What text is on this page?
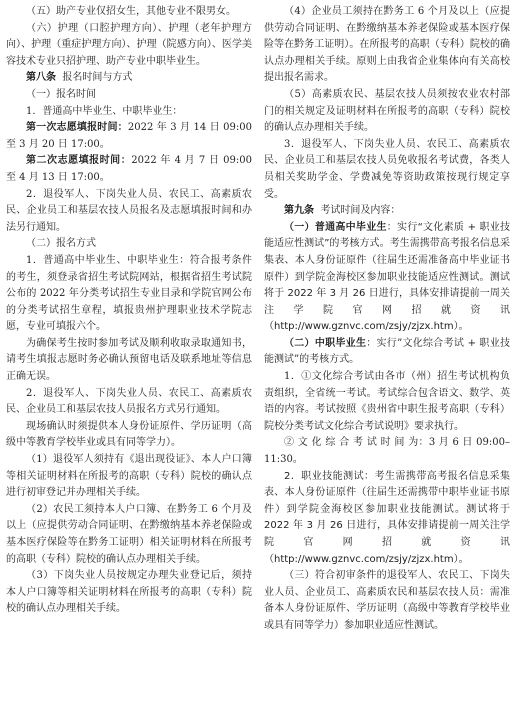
（五）助产专业仅招女生，其他专业不限男女。

（六）护理（口腔护理方向）、护理（老年护理方向）、护理（重症护理方向）、护理（院感方向）、医学美容技术专业只招护理、助产专业中职毕业生。

第八条 报名时间与方式

（一）报名时间

1．普通高中毕业生、中职毕业生：

第一次志愿填报时间：2022 年 3 月 14 日 09:00 至 3 月 20 日 17:00。

第二次志愿填报时间：2022 年 4 月 7 日 09:00 至 4 月 13 日 17:00。

2．退役军人、下岗失业人员、农民工、高素质农民、企业员工和基层农技人员报名及志愿填报时间和办法另行通知。

（二）报名方式

1．普通高中毕业生、中职毕业生：符合报考条件的考生，须登录省招生考试院网站，根据省招生考试院公布的 2022 年分类考试招生专业目录和学院官网公布的分类考试招生章程，填报贵州护理职业技术学院志愿，专业可填报六个。

为确保考生按时参加考试及顺利收取录取通知书，请考生填报志愿时务必确认预留电话及联系地址等信息正确无误。

2．退役军人、下岗失业人员、农民工、高素质农民、企业员工和基层农技人员报名方式另行通知。

现场确认时须提供本人身份证原件、学历证明（高级中等教育学校毕业或具有同等学力）。

（1）退役军人须持有《退出现役证》、本人户口簿等相关证明材料在所报考的高职（专科）院校的确认点进行初审登记并办理相关手续。

（2）农民工须持本人户口簿、在黔务工 6 个月及以上（应提供劳动合同证明、在黔缴纳基本养老保险或基本医疗保险等在黔务工证明）相关证明材料在所报考的高职（专科）院校的确认点办理相关手续。

（3）下岗失业人员按规定办理失业登记后，须持本人户口簿等相关证明材料在所报考的高职（专科）院校的确认点办理相关手续。

（4）企业员工须持在黔务工 6 个月及以上（应提供劳动合同证明、在黔缴纳基本养老保险或基本医疗保险等在黔务工证明）。在所报考的高职（专科）院校的确认点办理相关手续。原则上由我省企业集体向有关高校提出报名需求。

（5）高素质农民、基层农技人员须按农业农村部门的相关规定及证明材料在所报考的高职（专科）院校的确认点办理相关手续。

3．退役军人、下岗失业人员、农民工、高素质农民、企业员工和基层农技人员免收报名考试费，各类人员相关奖助学金、学费减免等资助政策按现行规定享受。

第九条 考试时间及内容：

（一）普通高中毕业生：实行“文化素质 + 职业技能适应性测试”的考核方式。考生需携带高考报名信息采集表、本人身份证原件（往届生还需准备高中毕业证书原件）到学院金海校区参加职业技能适应性测试。测试将于 2022 年 3 月 26 日进行，具体安排请提前一周关注学院官网招就资讯（http://www.gznvc.com/zsjy/zjzx.htm）。

（二）中职毕业生：实行”文化综合考试 + 职业技能测试”的考核方式。

1．①文化综合考试由各市（州）招生考试机构负责组织，全省统一考试。考试综合包含语文、数学、英语的内容。考试按照《贵州省中职生报考高职（专科）院校分类考试文化综合考试说明》要求执行。

② 文 化 综 合 考 试 时 间 为：3 月 6 日 09:00–11:30。

2．职业技能测试：考生需携带高考报名信息采集表、本人身份证原件（往届生还需携带中职毕业证书原件）到学院金海校区参加职业技能测试。测试将于 2022 年 3 月 26 日进行，具体安排请提前一周关注学院官网招就资讯（http://www.gznvc.com/zsjy/zjzx.htm）。

（三）符合初审条件的退役军人、农民工、下岗失业人员、企业员工、高素质农民和基层农技人员：需准备本人身份证原件、学历证明（高级中等教育学校毕业或具有同等学力）参加职业适应性测试。
